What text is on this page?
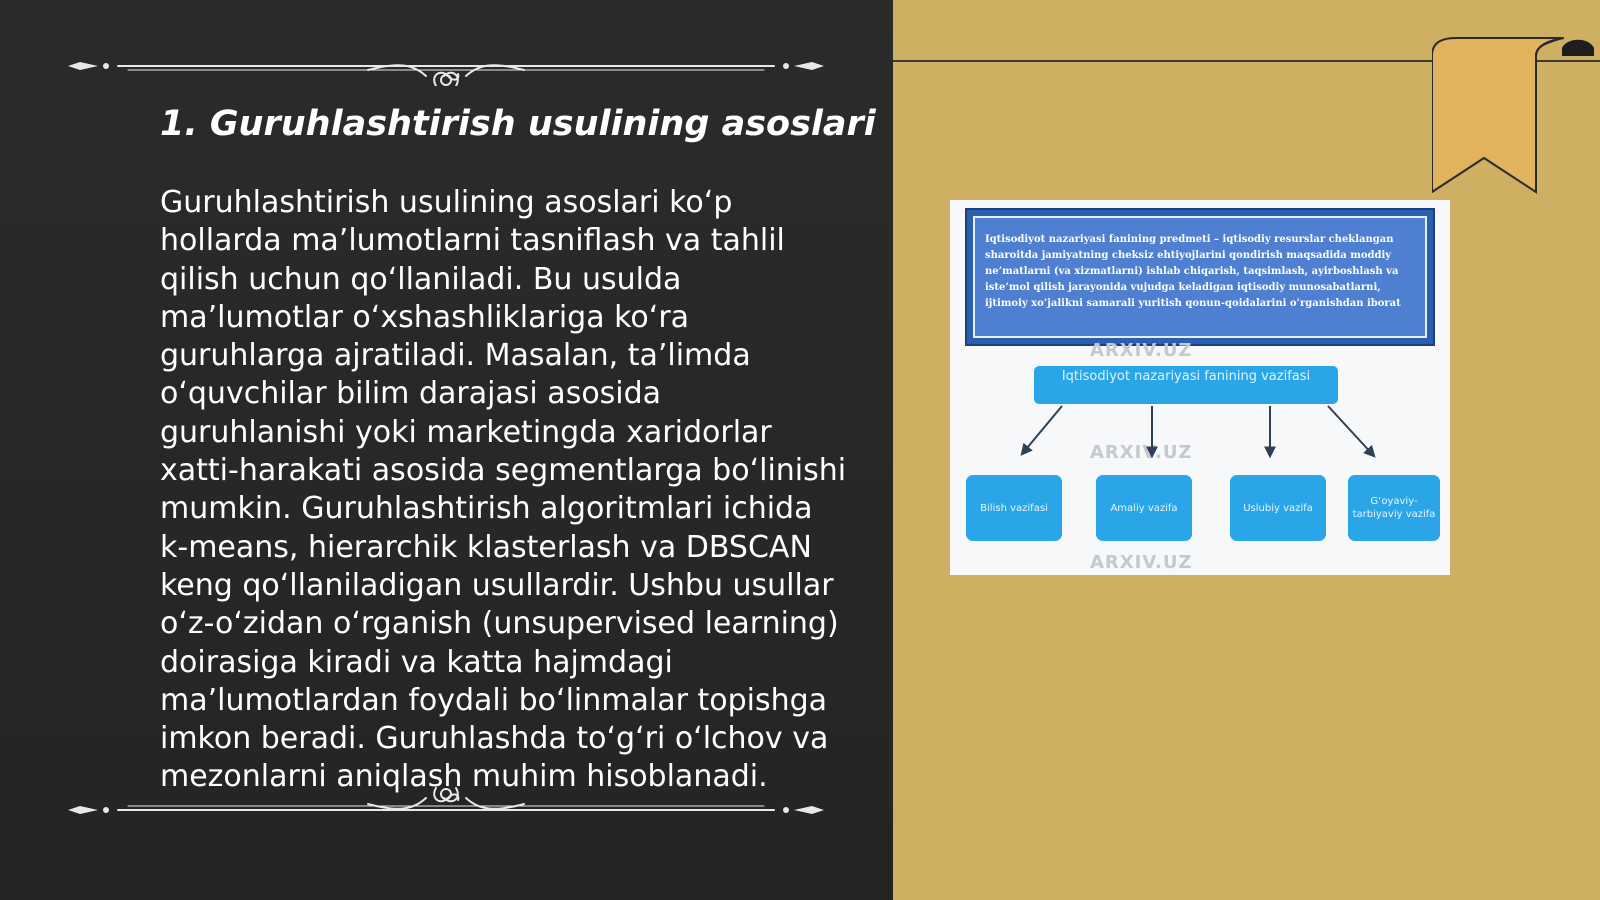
1. Guruhlashtirish usulining asoslari

Guruhlashtirish usulining asoslari ko‘p hollarda ma’lumotlarni tasniflash va tahlil qilish uchun qo‘llaniladi. Bu usulda ma’lumotlar o‘xshashliklariga ko‘ra guruhlarga ajratiladi. Masalan, ta’limda o‘quvchilar bilim darajasi asosida guruhlanishi yoki marketingda xaridorlar xatti-harakati asosida segmentlarga bo‘linishi mumkin. Guruhlashtirish algoritmlari ichida k-means, hierarchik klasterlash va DBSCAN keng qo‘llaniladigan usullardir. Ushbu usullar o‘z-o‘zidan o‘rganish (unsupervised learning) doirasiga kiradi va katta hajmdagi ma’lumotlardan foydali bo‘linmalar topishga imkon beradi. Guruhlashda to‘g‘ri o‘lchov va mezonlarni aniqlash muhim hisoblanadi.

Iqtisodiyot nazariyasi fanining predmeti – iqtisodiy resurslar cheklangan sharoitda jamiyatning cheksiz ehtiyojlarini qondirish maqsadida moddiy ne’matlarni (va xizmatlarni) ishlab chiqarish, taqsimlash, ayirboshlash va iste’mol qilish jarayonida vujudga keladigan iqtisodiy munosabatlarni, ijtimoiy xo’jalikni samarali yuritish qonun-qoidalarini o’rganishdan iborat

ARXIV.UZ
ARXIV.UZ
ARXIV.UZ
Iqtisodiyot nazariyasi fanining vazifasi
Bilish vazifasi	Amaliy vazifa	Uslubiy vazifa
G‘oyaviy-tarbiyaviy vazifa
